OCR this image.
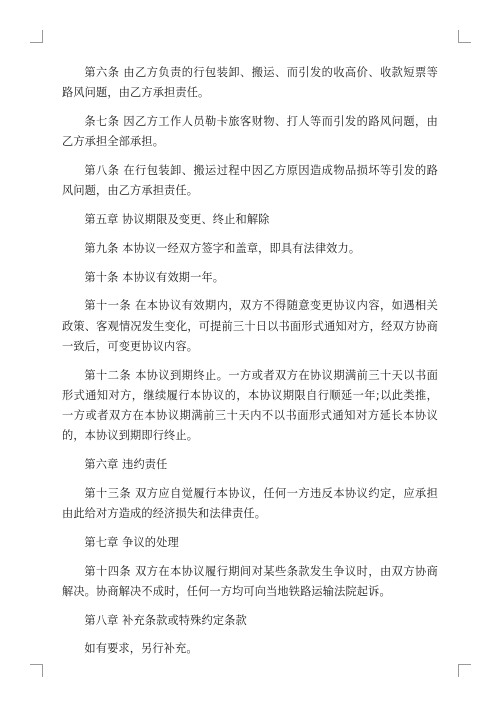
第六条 由乙方负责的行包装卸、搬运、而引发的收高价、收款短票等路风问题，由乙方承担责任。

条七条 因乙方工作人员勒卡旅客财物、打人等而引发的路风问题，由乙方承担全部承担。

第八条 在行包装卸、搬运过程中因乙方原因造成物品损坏等引发的路风问题，由乙方承担责任。

第五章 协议期限及变更、终止和解除

第九条 本协议一经双方签字和盖章，即具有法律效力。

第十条 本协议有效期一年。

第十一条 在本协议有效期内，双方不得随意变更协议内容，如遇相关政策、客观情况发生变化，可提前三十日以书面形式通知对方，经双方协商一致后，可变更协议内容。

第十二条 本协议到期终止。一方或者双方在协议期满前三十天以书面形式通知对方，继续履行本协议的，本协议期限自行顺延一年;以此类推，一方或者双方在本协议期满前三十天内不以书面形式通知对方延长本协议的，本协议到期即行终止。

第六章 违约责任

第十三条 双方应自觉履行本协议，任何一方违反本协议约定，应承担由此给对方造成的经济损失和法律责任。

第七章 争议的处理

第十四条 双方在本协议履行期间对某些条款发生争议时，由双方协商解决。协商解决不成时，任何一方均可向当地铁路运输法院起诉。

第八章 补充条款或特殊约定条款

如有要求，另行补充。
